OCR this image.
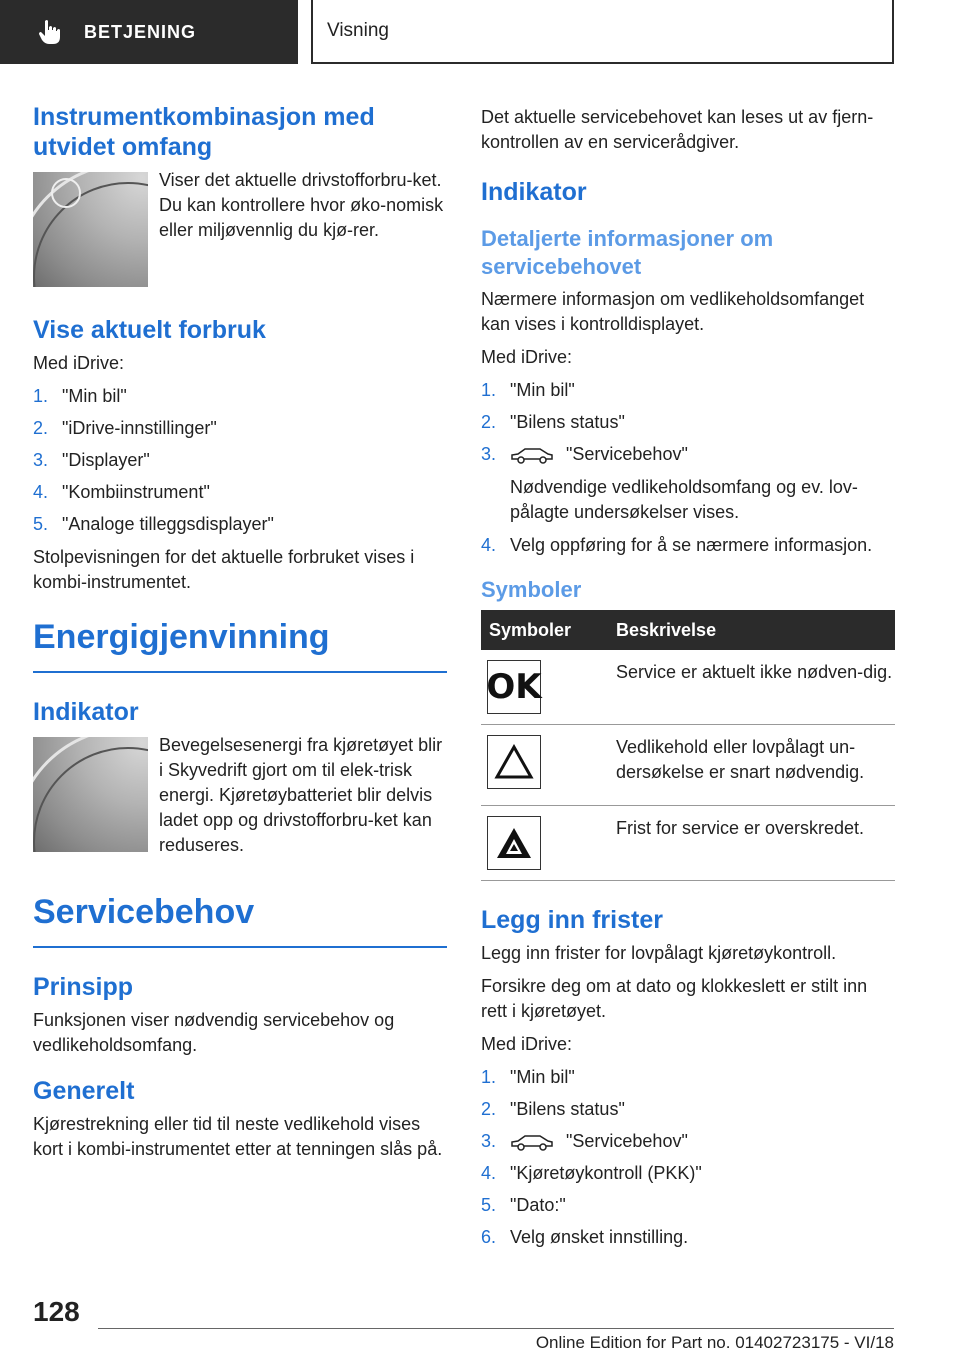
BETJENING	Visning
Instrumentkombinasjon med utvidet omfang

Viser det aktuelle drivstofforbru-ket. Du kan kontrollere hvor øko-nomisk eller miljøvennlig du kjø-rer.

Vise aktuelt forbruk

Med iDrive:

1. "Min bil"
2. "iDrive-innstillinger"
3. "Displayer"
4. "Kombiinstrument"
5. "Analoge tilleggsdisplayer"

Stolpevisningen for det aktuelle forbruket vises i kombi-instrumentet.

Energigjenvinning
Indikator

Bevegelsesenergi fra kjøretøyet blir i Skyvedrift gjort om til elek-trisk energi. Kjøretøybatteriet blir delvis ladet opp og drivstofforbru-ket kan reduseres.

Servicebehov
Prinsipp

Funksjonen viser nødvendig servicebehov og vedlikeholdsomfang.

Generelt

Kjørestrekning eller tid til neste vedlikehold vises kort i kombi-instrumentet etter at tenningen slås på.

Det aktuelle servicebehovet kan leses ut av fjern-kontrollen av en servicerådgiver.

Indikator
Detaljerte informasjoner om servicebehovet

Nærmere informasjon om vedlikeholdsomfanget kan vises i kontrolldisplayet.

Med iDrive:

1. "Min bil"
2. "Bilens status"
3.	"Servicebehov"

Nødvendige vedlikeholdsomfang og ev. lov-pålagte undersøkelser vises.

4. Velg oppføring for å se nærmere informasjon.
Symboler
Symboler	Beskrivelse

OK	Service er aktuelt ikke nødven-dig.

	Vedlikehold eller lovpålagt un-dersøkelse er snart nødvendig.

	Frist for service er overskredet.
Legg inn frister

Legg inn frister for lovpålagt kjøretøykontroll.

Forsikre deg om at dato og klokkeslett er stilt inn rett i kjøretøyet.

Med iDrive:

1. "Min bil"
2. "Bilens status"
3.	"Servicebehov"
4. "Kjøretøykontroll (PKK)"
5. "Dato:"
6. Velg ønsket innstilling.
128
Online Edition for Part no. 01402723175 - VI/18
